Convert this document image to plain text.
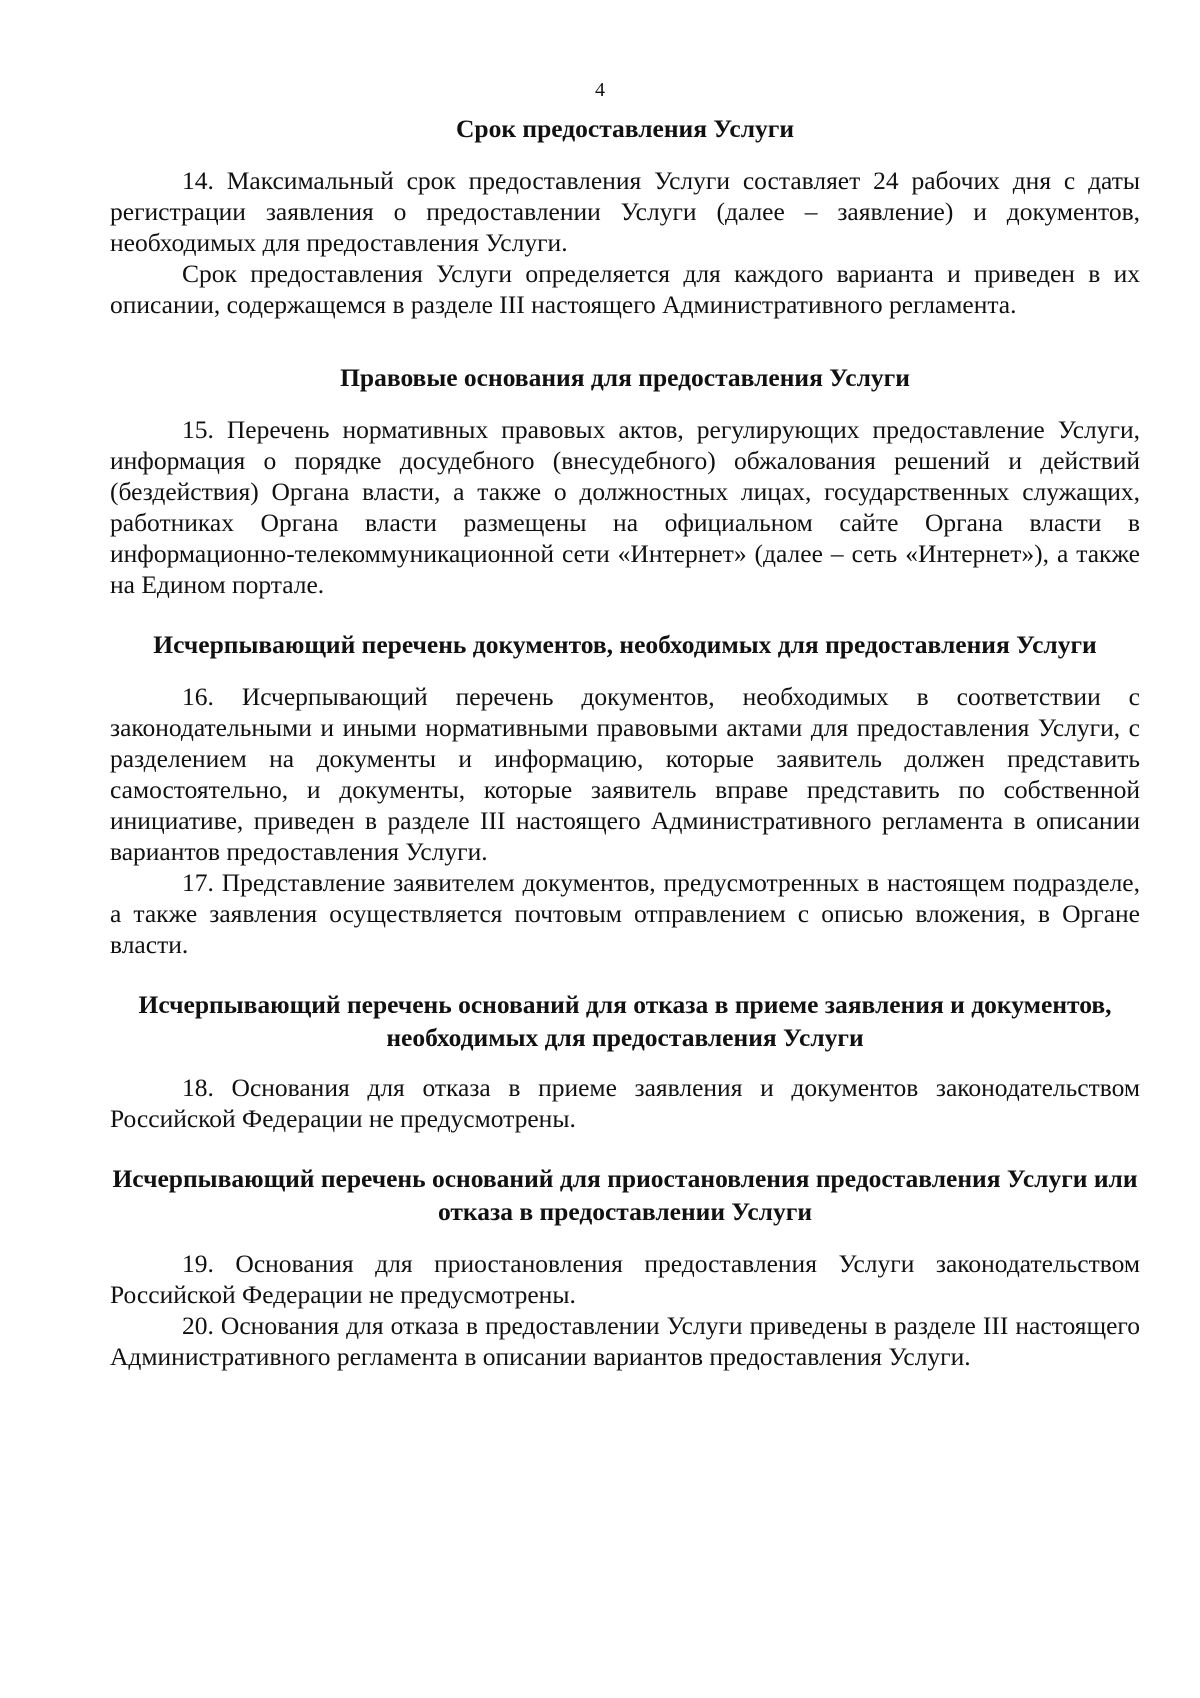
4
Срок предоставления Услуги

14. Максимальный срок предоставления Услуги составляет 24 рабочих дня с даты регистрации заявления о предоставлении Услуги (далее – заявление) и документов, необходимых для предоставления Услуги.

Срок предоставления Услуги определяется для каждого варианта и приведен в их описании, содержащемся в разделе III настоящего Административного регламента.

Правовые основания для предоставления Услуги

15. Перечень нормативных правовых актов, регулирующих предоставление Услуги, информация о порядке досудебного (внесудебного) обжалования решений и действий (бездействия) Органа власти, а также о должностных лицах, государственных служащих, работниках Органа власти размещены на официальном сайте Органа власти в информационно-телекоммуникационной сети «Интернет» (далее – сеть «Интернет»), а также на Едином портале.

Исчерпывающий перечень документов, необходимых для предоставления Услуги

16. Исчерпывающий перечень документов, необходимых в соответствии с законодательными и иными нормативными правовыми актами для предоставления Услуги, с разделением на документы и информацию, которые заявитель должен представить самостоятельно, и документы, которые заявитель вправе представить по собственной инициативе, приведен в разделе III настоящего Административного регламента в описании вариантов предоставления Услуги.

17. Представление заявителем документов, предусмотренных в настоящем подразделе, а также заявления осуществляется почтовым отправлением с описью вложения, в Органе власти.

Исчерпывающий перечень оснований для отказа в приеме заявления и документов, необходимых для предоставления Услуги

18. Основания для отказа в приеме заявления и документов законодательством Российской Федерации не предусмотрены.

Исчерпывающий перечень оснований для приостановления предоставления Услуги или отказа в предоставлении Услуги

19. Основания для приостановления предоставления Услуги законодательством Российской Федерации не предусмотрены.

20. Основания для отказа в предоставлении Услуги приведены в разделе III настоящего Административного регламента в описании вариантов предоставления Услуги.
